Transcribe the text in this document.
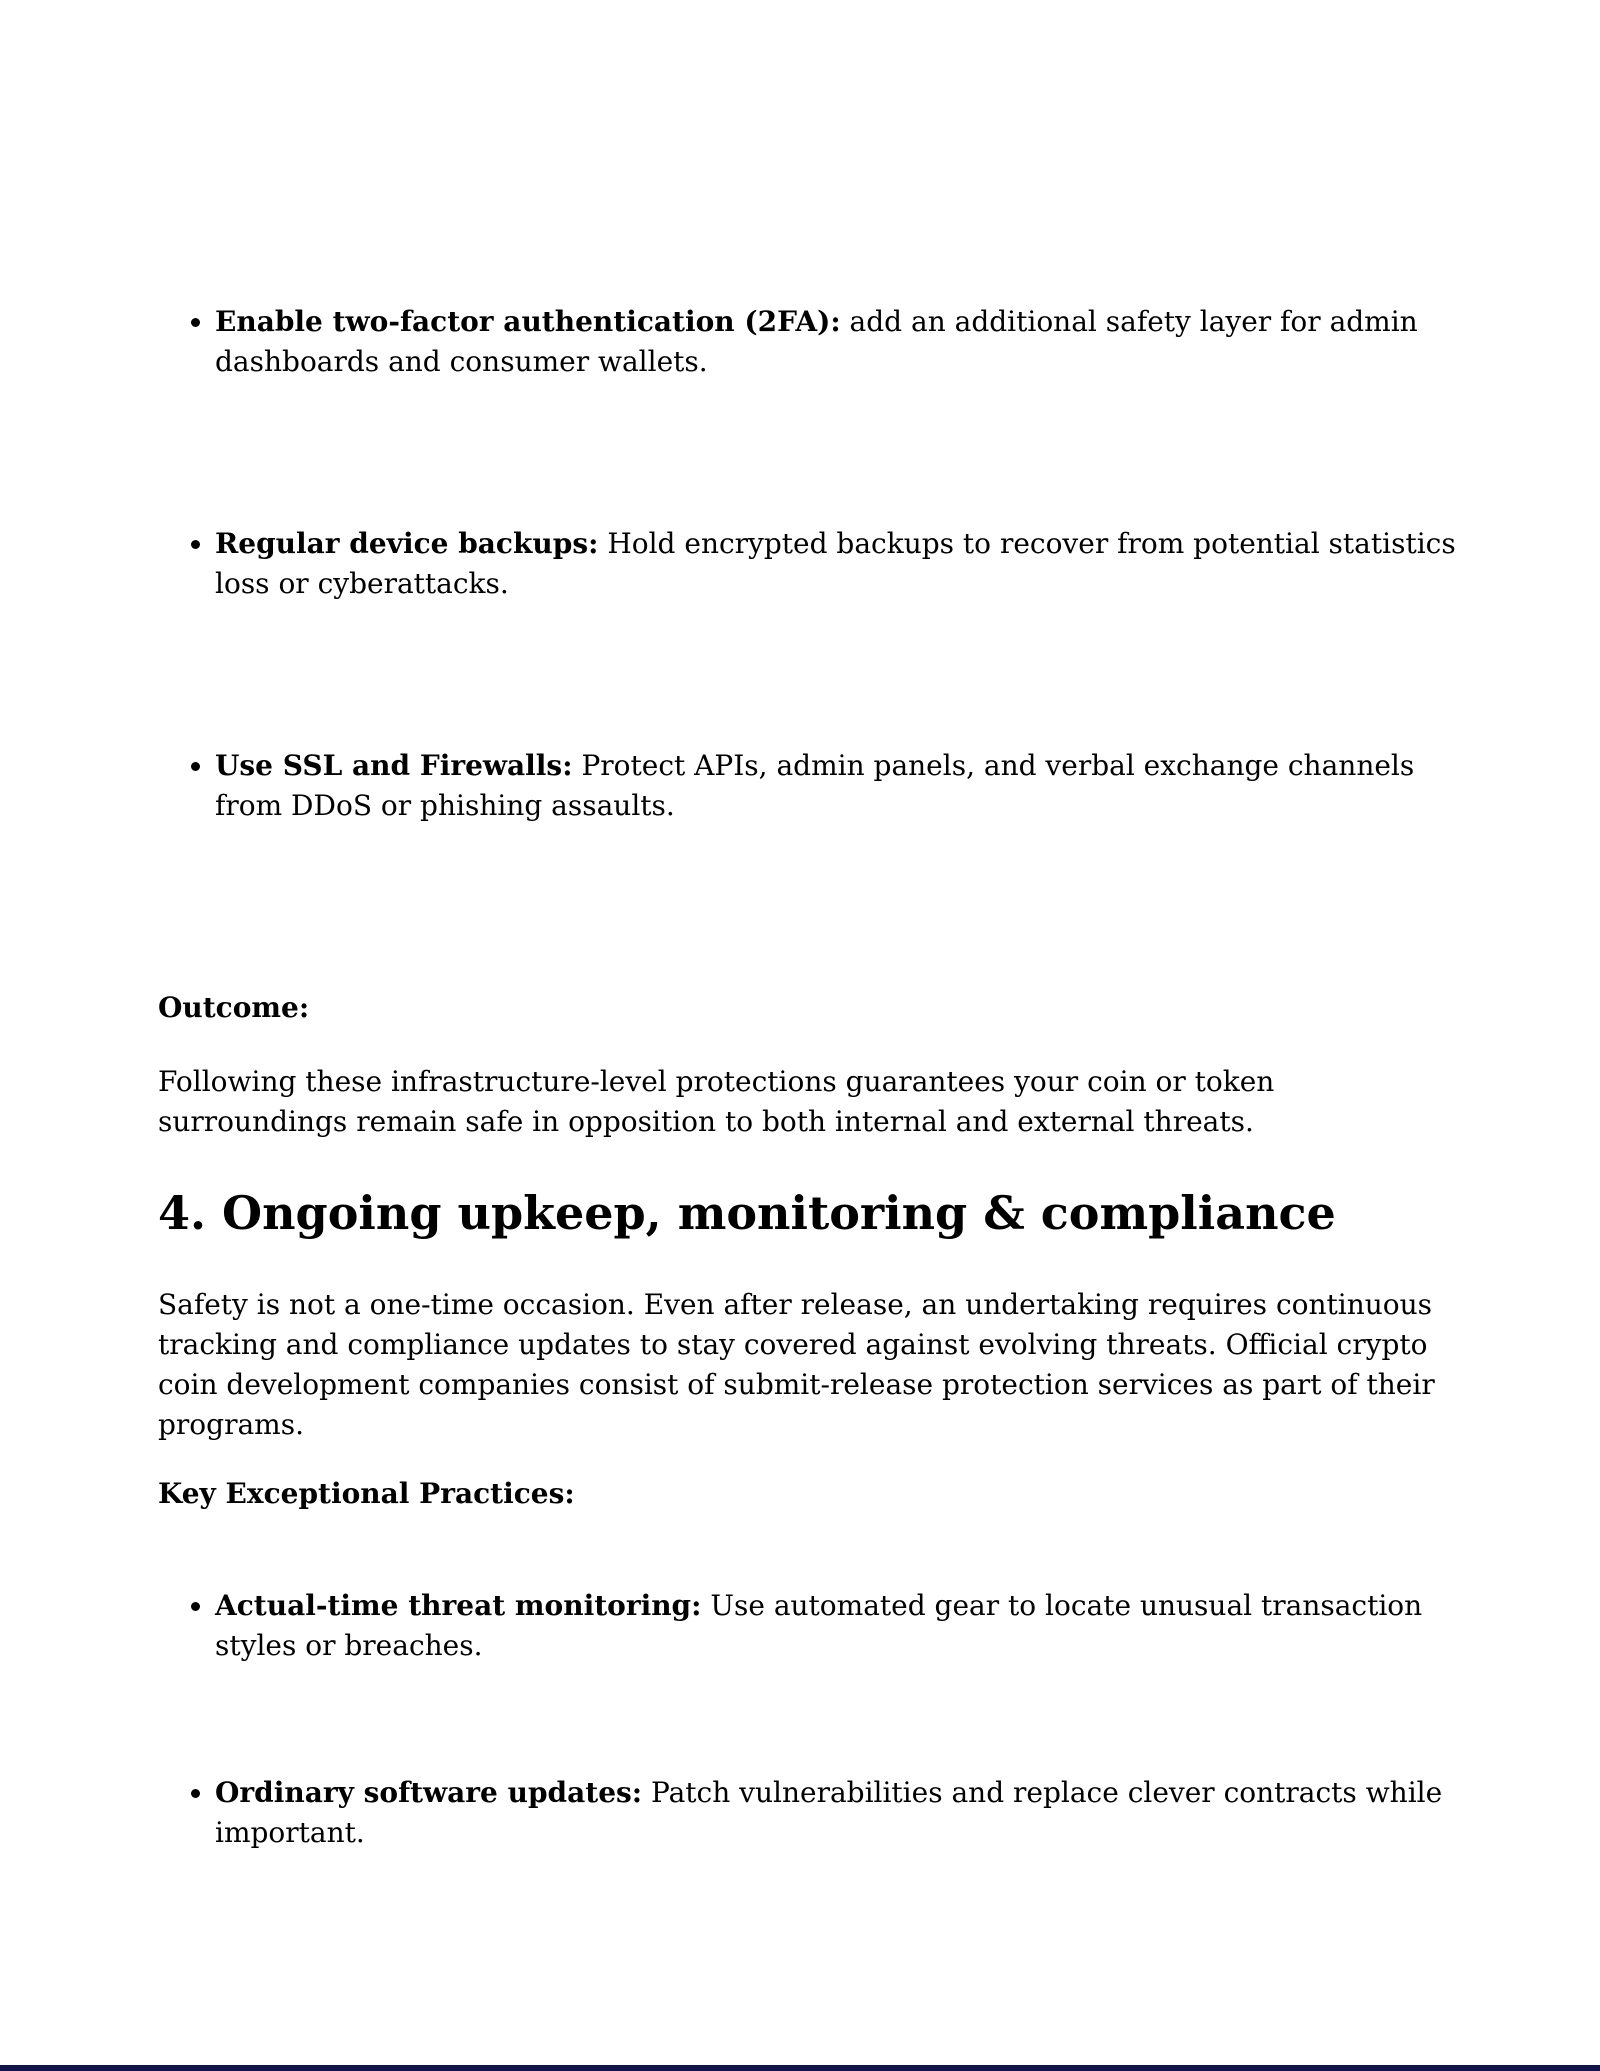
• Enable two-factor authentication (2FA): add an additional safety layer for admin dashboards and consumer wallets.
• Regular device backups: Hold encrypted backups to recover from potential statistics loss or cyberattacks.
• Use SSL and Firewalls: Protect APIs, admin panels, and verbal exchange channels from DDoS or phishing assaults.
Outcome:

Following these infrastructure-level protections guarantees your coin or token surroundings remain safe in opposition to both internal and external threats.

4. Ongoing upkeep, monitoring & compliance

Safety is not a one-time occasion. Even after release, an undertaking requires continuous tracking and compliance updates to stay covered against evolving threats. Official crypto coin development companies consist of submit-release protection services as part of their programs.

Key Exceptional Practices:
• Actual-time threat monitoring: Use automated gear to locate unusual transaction styles or breaches.
• Ordinary software updates: Patch vulnerabilities and replace clever contracts while important.
